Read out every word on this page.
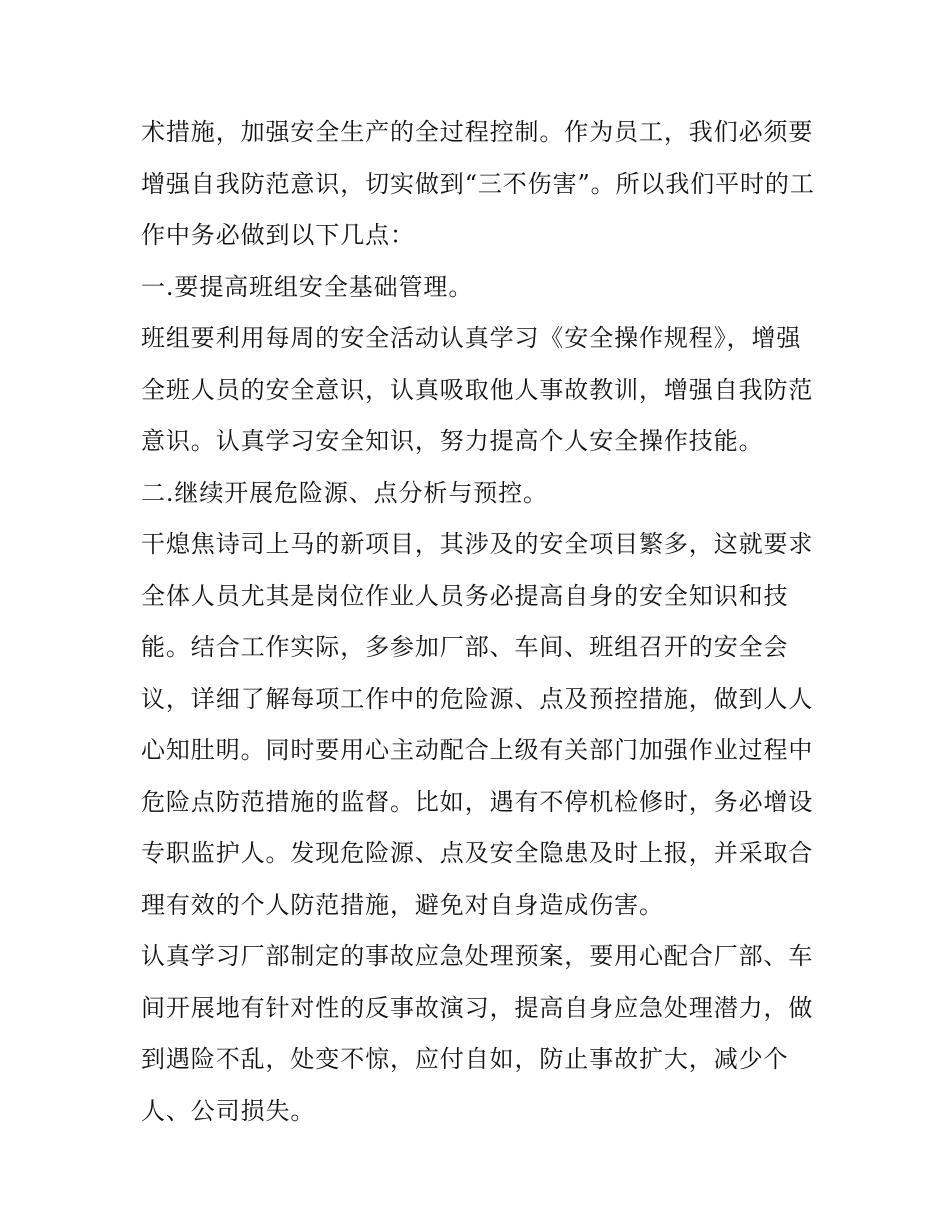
术措施，加强安全生产的全过程控制。作为员工，我们必须要
增强自我防范意识，切实做到“三不伤害”。所以我们平时的工
作中务必做到以下几点：
一.要提高班组安全基础管理。
班组要利用每周的安全活动认真学习《安全操作规程》，增强
全班人员的安全意识，认真吸取他人事故教训，增强自我防范
意识。认真学习安全知识，努力提高个人安全操作技能。
二.继续开展危险源、点分析与预控。
干熄焦诗司上马的新项目，其涉及的安全项目繁多，这就要求
全体人员尤其是岗位作业人员务必提高自身的安全知识和技
能。结合工作实际，多参加厂部、车间、班组召开的安全会
议，详细了解每项工作中的危险源、点及预控措施，做到人人
心知肚明。同时要用心主动配合上级有关部门加强作业过程中
危险点防范措施的监督。比如，遇有不停机检修时，务必增设
专职监护人。发现危险源、点及安全隐患及时上报，并采取合
理有效的个人防范措施，避免对自身造成伤害。
认真学习厂部制定的事故应急处理预案，要用心配合厂部、车
间开展地有针对性的反事故演习，提高自身应急处理潜力，做
到遇险不乱，处变不惊，应付自如，防止事故扩大，减少个
人、公司损失。
